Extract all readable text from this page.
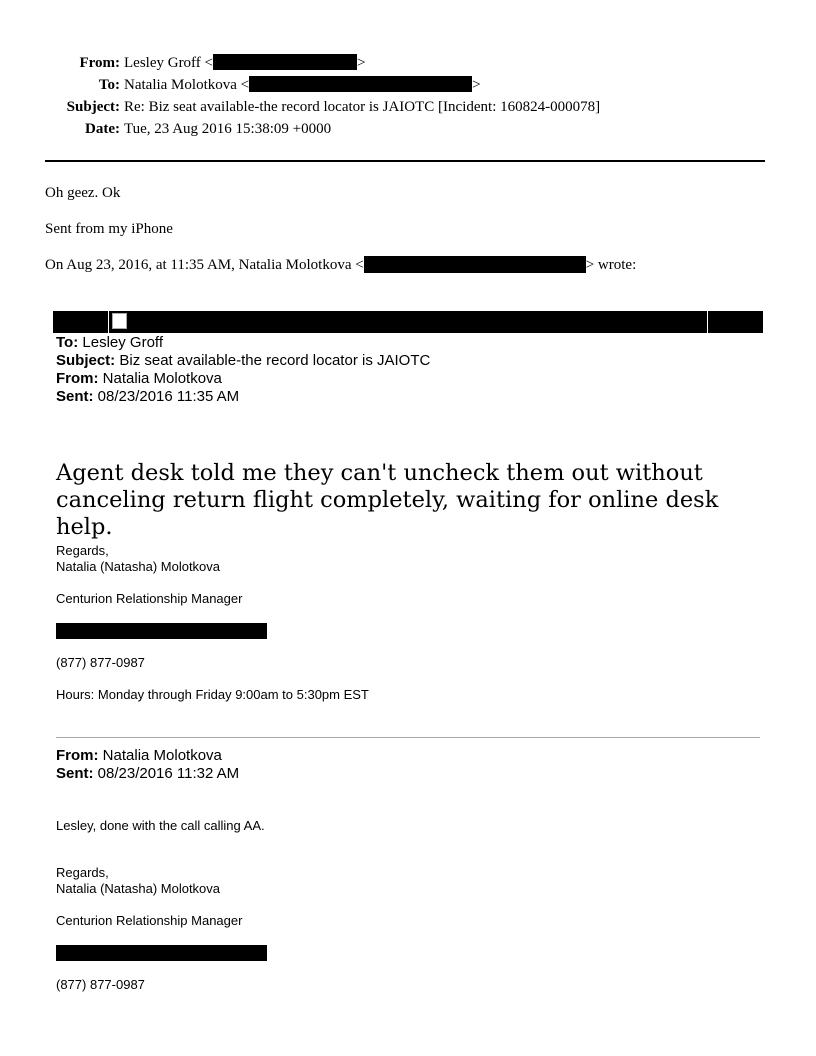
From: Lesley Groff <	>
To: Natalia Molotkova <	>
Subject: Re: Biz seat available-the record locator is JAIOTC [Incident: 160824-000078]
Date: Tue, 23 Aug 2016 15:38:09 +0000
Oh geez. Ok
Sent from my iPhone
On Aug 23, 2016, at 11:35 AM, Natalia Molotkova <	> wrote:
To: Lesley Groff
Subject: Biz seat available-the record locator is JAIOTC
From: Natalia Molotkova
Sent: 08/23/2016 11:35 AM
Agent desk told me they can't uncheck them out without canceling return flight completely, waiting for online desk help.
Regards,
Natalia (Natasha) Molotkova
Centurion Relationship Manager
(877) 877-0987
Hours: Monday through Friday 9:00am to 5:30pm EST
From: Natalia Molotkova
Sent: 08/23/2016 11:32 AM
Lesley, done with the call calling AA.
Regards,
Natalia (Natasha) Molotkova
Centurion Relationship Manager
(877) 877-0987
